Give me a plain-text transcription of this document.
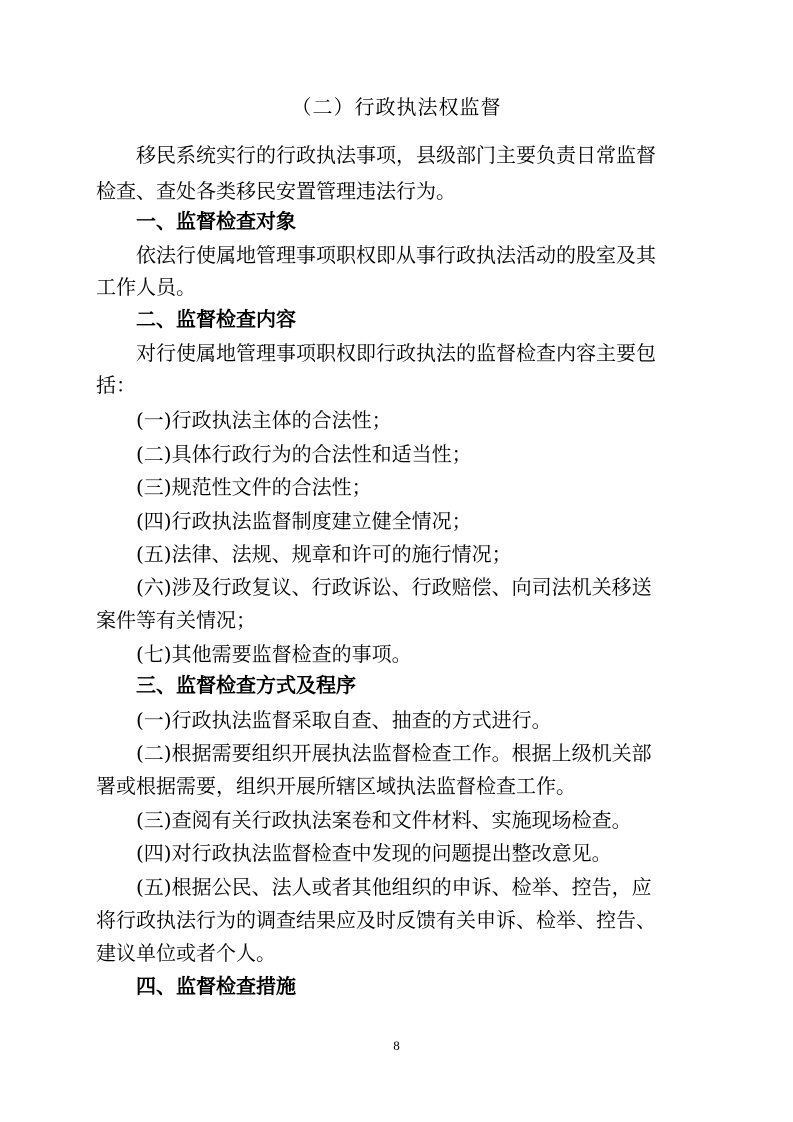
（二）行政执法权监督
移民系统实行的行政执法事项，县级部门主要负责日常监督
检查、查处各类移民安置管理违法行为。
一、监督检查对象
依法行使属地管理事项职权即从事行政执法活动的股室及其
工作人员。
二、监督检查内容
对行使属地管理事项职权即行政执法的监督检查内容主要包
括：
(一)行政执法主体的合法性；
(二)具体行政行为的合法性和适当性；
(三)规范性文件的合法性；
(四)行政执法监督制度建立健全情况；
(五)法律、法规、规章和许可的施行情况；
(六)涉及行政复议、行政诉讼、行政赔偿、向司法机关移送
案件等有关情况；
(七)其他需要监督检查的事项。
三、监督检查方式及程序
(一)行政执法监督采取自查、抽查的方式进行。
(二)根据需要组织开展执法监督检查工作。根据上级机关部
署或根据需要，组织开展所辖区域执法监督检查工作。
(三)查阅有关行政执法案卷和文件材料、实施现场检查。
(四)对行政执法监督检查中发现的问题提出整改意见。
(五)根据公民、法人或者其他组织的申诉、检举、控告，应
将行政执法行为的调查结果应及时反馈有关申诉、检举、控告、
建议单位或者个人。
四、监督检查措施
8
